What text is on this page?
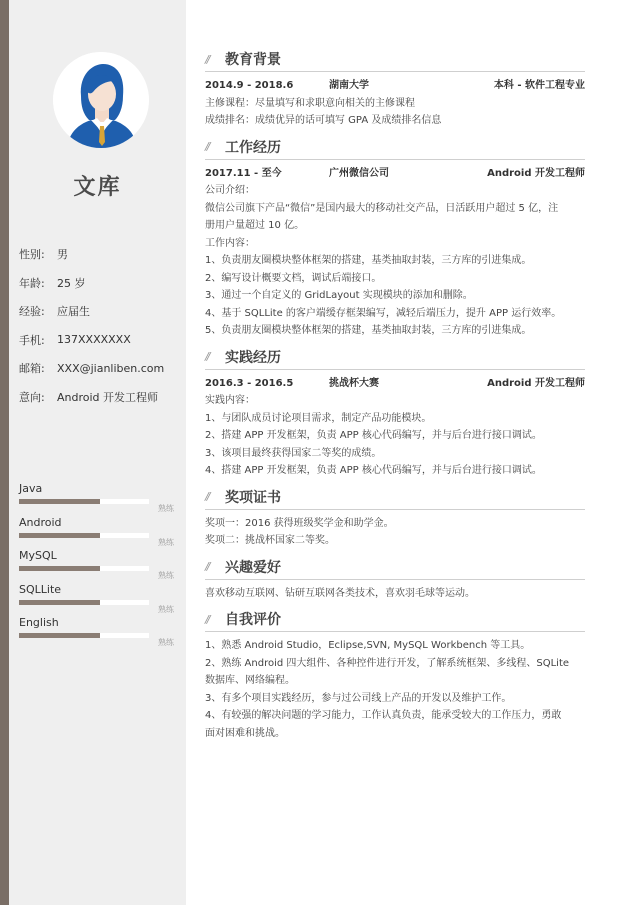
文库
性别:	男
年龄:	25 岁
经验:	应届生
手机:	137XXXXXXX
邮箱:	XXX@jianliben.com
意向:	Android 开发工程师
Java
熟练
Android
熟练
MySQL
熟练
SQLLite
熟练
English
熟练
//	教育背景
2014.9 - 2018.6	湖南大学	本科 - 软件工程专业
主修课程：尽量填写和求职意向相关的主修课程
成绩排名：成绩优异的话可填写 GPA 及成绩排名信息
//	工作经历
2017.11 - 至今	广州微信公司	Android 开发工程师
公司介绍：
微信公司旗下产品“微信”是国内最大的移动社交产品，日活跃用户超过 5 亿，注
册用户量超过 10 亿。
工作内容：
1、负责朋友圈模块整体框架的搭建，基类抽取封装，三方库的引进集成。
2、编写设计概要文档，调试后端接口。
3、通过一个自定义的 GridLayout 实现模块的添加和删除。
4、基于 SQLLite 的客户端缓存框架编写，减轻后端压力，提升 APP 运行效率。
5、负责朋友圈模块整体框架的搭建，基类抽取封装，三方库的引进集成。
//	实践经历
2016.3 - 2016.5	挑战杯大赛	Android 开发工程师
实践内容：
1、与团队成员讨论项目需求，制定产品功能模块。
2、搭建 APP 开发框架，负责 APP 核心代码编写，并与后台进行接口调试。
3、该项目最终获得国家二等奖的成绩。
4、搭建 APP 开发框架，负责 APP 核心代码编写，并与后台进行接口调试。
//	奖项证书
奖项一：2016 获得班级奖学金和助学金。
奖项二：挑战杯国家二等奖。
//	兴趣爱好
喜欢移动互联网、钻研互联网各类技术，喜欢羽毛球等运动。
//	自我评价
1、熟悉 Android Studio，Eclipse,SVN, MySQL Workbench 等工具。
2、熟练 Android 四大组件、各种控件进行开发，了解系统框架、多线程、SQLite
数据库、网络编程。
3、有多个项目实践经历，参与过公司线上产品的开发以及维护工作。
4、有较强的解决问题的学习能力，工作认真负责，能承受较大的工作压力，勇敢
面对困难和挑战。
